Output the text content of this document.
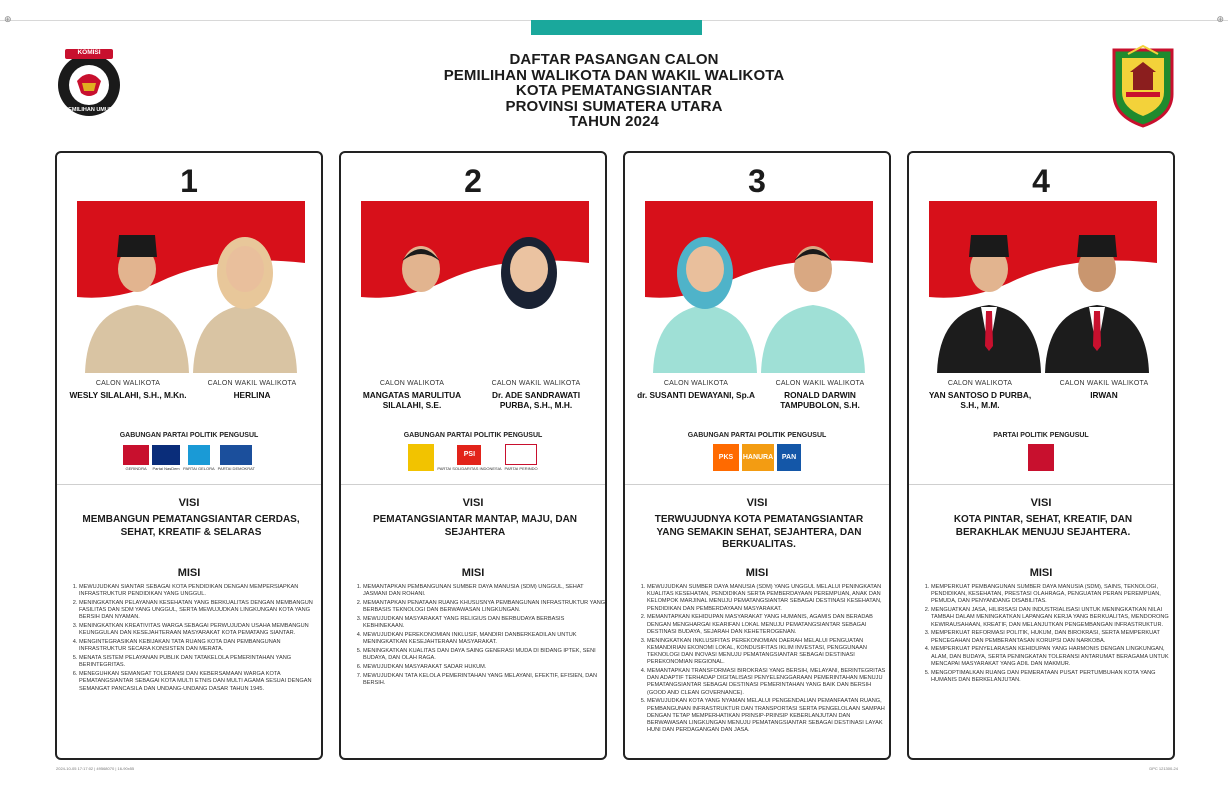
⊕	⊕
KOMISI
PEMILIHAN UMUM
DAFTAR PASANGAN CALON
PEMILIHAN WALIKOTA DAN WAKIL WALIKOTA
KOTA PEMATANGSIANTAR
PROVINSI SUMATERA UTARA
TAHUN 2024
1
CALON WALIKOTA
WESLY SILALAHI, S.H., M.Kn.
CALON WAKIL WALIKOTA
HERLINA
GABUNGAN PARTAI POLITIK PENGUSUL
GERINDRA Partai NasDem PARTAI GELORA PARTAI DEMOKRAT
VISI
MEMBANGUN PEMATANGSIANTAR CERDAS, SEHAT, KREATIF & SELARAS
MISI
1. MEWUJUDKAN SIANTAR SEBAGAI KOTA PENDIDIKAN DENGAN MEMPERSIAPKAN INFRASTRUKTUR PENDIDIKAN YANG UNGGUL.
2. MENINGKATKAN PELAYANAN KESEHATAN YANG BERKUALITAS DENGAN MEMBANGUN FASILITAS DAN SDM YANG UNGGUL, SERTA MEWUJUDKAN LINGKUNGAN KOTA YANG BERSIH DAN NYAMAN.
3. MENINGKATKAN KREATIVITAS WARGA SEBAGAI PERWUJUDAN USAHA MEMBANGUN KEUNGGULAN DAN KESEJAHTERAAN MASYARAKAT KOTA PEMATANG SIANTAR.
4. MENGINTEGRASIKAN KEBIJAKAN TATA RUANG KOTA DAN PEMBANGUNAN INFRASTRUKTUR SECARA KONSISTEN DAN MERATA.
5. MENATA SISTEM PELAYANAN PUBLIK DAN TATAKELOLA PEMERINTAHAN YANG BERINTEGRITAS.
6. MENEGUHKAN SEMANGAT TOLERANSI DAN KEBERSAMAAN WARGA KOTA PEMATANGSIANTAR SEBAGAI KOTA MULTI ETNIS DAN MULTI AGAMA SESUAI DENGAN SEMANGAT PANCASILA DAN UNDANG-UNDANG DASAR TAHUN 1945.
2
CALON WALIKOTA
MANGATAS MARULITUA SILALAHI, S.E.
CALON WAKIL WALIKOTA
Dr. ADE SANDRAWATI PURBA, S.H., M.H.
GABUNGAN PARTAI POLITIK PENGUSUL
PSI
PARTAI SOLIDARITAS INDONESIA PARTAI PERINDO
VISI
PEMATANGSIANTAR MANTAP, MAJU, DAN SEJAHTERA
MISI
1. MEMANTAPKAN PEMBANGUNAN SUMBER DAYA MANUSIA (SDM) UNGGUL, SEHAT JASMANI DAN ROHANI.
2. MEMANTAPKAN PENATAAN RUANG KHUSUSNYA PEMBANGUNAN INFRASTRUKTUR YANG BERBASIS TEKNOLOGI DAN BERWAWASAN LINGKUNGAN.
3. MEWUJUDKAN MASYARAKAT YANG RELIGIUS DAN BERBUDAYA BERBASIS KEBHINEKAAN.
4. MEWUJUDKAN PEREKONOMIAN INKLUSIF, MANDIRI DANBERKEADILAN UNTUK MENINGKATKAN KESEJAHTERAAN MASYARAKAT.
5. MENINGKATKAN KUALITAS DAN DAYA SAING GENERASI MUDA DI BIDANG IPTEK, SENI BUDAYA, DAN OLAH RAGA.
6. MEWUJUDKAN MASYARAKAT SADAR HUKUM.
7. MEWUJUDKAN TATA KELOLA PEMERINTAHAN YANG MELAYANI, EFEKTIF, EFISIEN, DAN BERSIH.
3
CALON WALIKOTA
dr. SUSANTI DEWAYANI, Sp.A
CALON WAKIL WALIKOTA
RONALD DARWIN TAMPUBOLON, S.H.
GABUNGAN PARTAI POLITIK PENGUSUL
PKS	HANURA	PAN
VISI
TERWUJUDNYA KOTA PEMATANGSIANTAR YANG SEMAKIN SEHAT, SEJAHTERA, DAN BERKUALITAS.
MISI
1. MEWUJUDKAN SUMBER DAYA MANUSIA (SDM) YANG UNGGUL MELALUI PENINGKATAN KUALITAS KESEHATAN, PENDIDIKAN SERTA PEMBERDAYAAN PEREMPUAN, ANAK DAN KELOMPOK MARJINAL MENUJU PEMATANGSIANTAR SEBAGAI DESTINASI KESEHATAN, PENDIDIKAN DAN PEMBERDAYAAN MASYARAKAT.
2. MEMANTAPKAN KEHIDUPAN MASYARAKAT YANG HUMANIS, AGAMIS DAN BERADAB DENGAN MENGHARGAI KEARIFAN LOKAL MENUJU PEMATANGSIANTAR SEBAGAI DESTINASI BUDAYA, SEJARAH DAN KEHETEROGENAN.
3. MENINGKATKAN INKLUSIFITAS PEREKONOMIAN DAERAH MELALUI PENGUATAN KEMANDIRIAN EKONOMI LOKAL, KONDUSIFITAS IKLIM INVESTASI, PENGGUNAAN TEKNOLOGI DAN INOVASI MENUJU PEMATANGSIANTAR SEBAGAI DESTINASI PEREKONOMIAN REGIONAL.
4. MEMANTAPKAN TRANSFORMASI BIROKRASI YANG BERSIH, MELAYANI, BERINTEGRITAS DAN ADAPTIF TERHADAP DIGITALISASI PENYELENGGARAAN PEMERINTAHAN MENUJU PEMATANGSIANTAR SEBAGAI DESTINASI PEMERINTAHAN YANG BAIK DAN BERSIH (GOOD AND CLEAN GOVERNANCE).
5. MEWUJUDKAN KOTA YANG NYAMAN MELALUI PENGENDALIAN PEMANFAATAN RUANG, PEMBANGUNAN INFRASTRUKTUR DAN TRANSPORTASI SERTA PENGELOLAAN SAMPAH DENGAN TETAP MEMPERHATIKAN PRINSIP-PRINSIP KEBERLANJUTAN DAN BERWAWASAN LINGKUNGAN MENUJU PEMATANGSIANTAR SEBAGAI DESTINASI LAYAK HUNI DAN PERDAGANGAN DAN JASA.
4
CALON WALIKOTA
YAN SANTOSO D PURBA, S.H., M.M.
CALON WAKIL WALIKOTA
IRWAN
PARTAI POLITIK PENGUSUL
VISI
KOTA PINTAR, SEHAT, KREATIF, DAN BERAKHLAK MENUJU SEJAHTERA.
MISI
1. MEMPERKUAT PEMBANGUNAN SUMBER DAYA MANUSIA (SDM), SAINS, TEKNOLOGI, PENDIDIKAN, KESEHATAN, PRESTASI OLAHRAGA, PENGUATAN PERAN PEREMPUAN, PEMUDA, DAN PENYANDANG DISABILITAS.
2. MENGUATKAN JASA, HILIRISASI DAN INDUSTRIALISASI UNTUK MENINGKATKAN NILAI TAMBAH DALAM MENINGKATKAN LAPANGAN KERJA YANG BERKUALITAS, MENDORONG KEWIRAUSAHAAN, KREATIF, DAN MELANJUTKAN PENGEMBANGAN INFRASTRUKTUR.
3. MEMPERKUAT REFORMASI POLITIK, HUKUM, DAN BIROKRASI, SERTA MEMPERKUAT PENCEGAHAN DAN PEMBERANTASAN KORUPSI DAN NARKOBA.
4. MEMPERKUAT PENYELARASAN KEHIDUPAN YANG HARMONIS DENGAN LINGKUNGAN, ALAM, DAN BUDAYA, SERTA PENINGKATAN TOLERANSI ANTARUMAT BERAGAMA UNTUK MENCAPAI MASYARAKAT YANG ADIL DAN MAKMUR.
5. MENGOPTIMALKAN RUANG DAN PEMERATAAN PUSAT PERTUMBUHAN KOTA YANG HUMANIS DAN BERKELANJUTAN.
2024-10-05 17:17:02 | 49568070 | 16-90x55	DPC 121300-24
